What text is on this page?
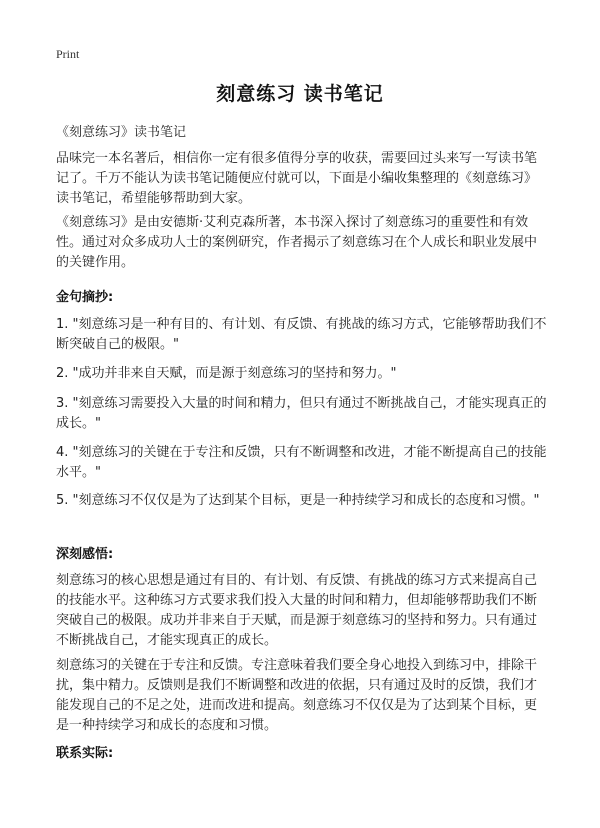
Print
刻意练习 读书笔记
《刻意练习》读书笔记

品味完一本名著后，相信你一定有很多值得分享的收获，需要回过头来写一写读书笔记了。千万不能认为读书笔记随便应付就可以，下面是小编收集整理的《刻意练习》读书笔记，希望能够帮助到大家。

《刻意练习》是由安德斯·艾利克森所著，本书深入探讨了刻意练习的重要性和有效性。通过对众多成功人士的案例研究，作者揭示了刻意练习在个人成长和职业发展中的关键作用。

金句摘抄:

1. "刻意练习是一种有目的、有计划、有反馈、有挑战的练习方式，它能够帮助我们不断突破自己的极限。"

2. "成功并非来自天赋，而是源于刻意练习的坚持和努力。"

3. "刻意练习需要投入大量的时间和精力，但只有通过不断挑战自己，才能实现真正的成长。"

4. "刻意练习的关键在于专注和反馈，只有不断调整和改进，才能不断提高自己的技能水平。"

5. "刻意练习不仅仅是为了达到某个目标，更是一种持续学习和成长的态度和习惯。"

深刻感悟:

刻意练习的核心思想是通过有目的、有计划、有反馈、有挑战的练习方式来提高自己的技能水平。这种练习方式要求我们投入大量的时间和精力，但却能够帮助我们不断突破自己的极限。成功并非来自于天赋，而是源于刻意练习的坚持和努力。只有通过不断挑战自己，才能实现真正的成长。

刻意练习的关键在于专注和反馈。专注意味着我们要全身心地投入到练习中，排除干扰，集中精力。反馈则是我们不断调整和改进的依据，只有通过及时的反馈，我们才能发现自己的不足之处，进而改进和提高。刻意练习不仅仅是为了达到某个目标，更是一种持续学习和成长的态度和习惯。

联系实际:
